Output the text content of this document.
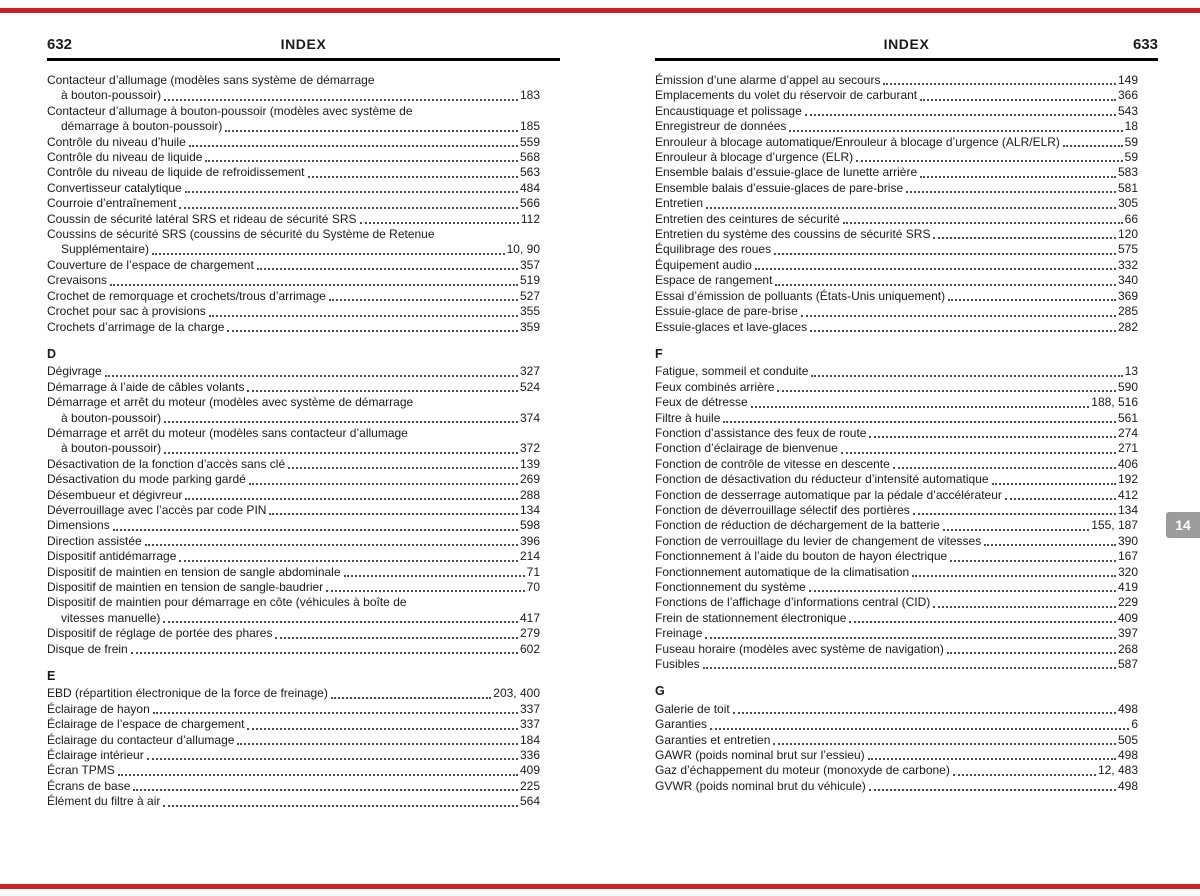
632	INDEX
Contacteur d’allumage (modèles sans système de démarrage
à bouton-poussoir)	183
Contacteur d’allumage à bouton-poussoir (modèles avec système de
démarrage à bouton-poussoir)	185
Contrôle du niveau d’huile	559
Contrôle du niveau de liquide	568
Contrôle du niveau de liquide de refroidissement	563
Convertisseur catalytique	484
Courroie d’entraînement	566
Coussin de sécurité latéral SRS et rideau de sécurité SRS	112
Coussins de sécurité SRS (coussins de sécurité du Système de Retenue
Supplémentaire)	10, 90
Couverture de l’espace de chargement	357
Crevaisons	519
Crochet de remorquage et crochets/trous d’arrimage	527
Crochet pour sac à provisions	355
Crochets d’arrimage de la charge	359
D
Dégivrage	327
Démarrage à l’aide de câbles volants	524
Démarrage et arrêt du moteur (modèles avec système de démarrage
à bouton-poussoir)	374
Démarrage et arrêt du moteur (modèles sans contacteur d’allumage
à bouton-poussoir)	372
Désactivation de la fonction d’accès sans clé	139
Désactivation du mode parking gardé	269
Désembueur et dégivreur	288
Déverrouillage avec l’accès par code PIN	134
Dimensions	598
Direction assistée	396
Dispositif antidémarrage	214
Dispositif de maintien en tension de sangle abdominale	71
Dispositif de maintien en tension de sangle-baudrier	70
Dispositif de maintien pour démarrage en côte (véhicules à boîte de
vitesses manuelle)	417
Dispositif de réglage de portée des phares	279
Disque de frein	602
E
EBD (répartition électronique de la force de freinage)	203, 400
Éclairage de hayon	337
Éclairage de l’espace de chargement	337
Éclairage du contacteur d’allumage	184
Éclairage intérieur	336
Écran TPMS	409
Écrans de base	225
Élément du filtre à air	564
633
INDEX
Émission d’une alarme d’appel au secours	149
Emplacements du volet du réservoir de carburant	366
Encaustiquage et polissage	543
Enregistreur de données	18
Enrouleur à blocage automatique/Enrouleur à blocage d’urgence (ALR/ELR)	59
Enrouleur à blocage d’urgence (ELR)	59
Ensemble balais d’essuie-glace de lunette arrière	583
Ensemble balais d’essuie-glaces de pare-brise	581
Entretien	305
Entretien des ceintures de sécurité	66
Entretien du système des coussins de sécurité SRS	120
Équilibrage des roues	575
Équipement audio	332
Espace de rangement	340
Essai d’émission de polluants (États-Unis uniquement)	369
Essuie-glace de pare-brise	285
Essuie-glaces et lave-glaces	282
F
Fatigue, sommeil et conduite	13
Feux combinés arrière	590
Feux de détresse	188, 516
Filtre à huile	561
Fonction d’assistance des feux de route	274
Fonction d’éclairage de bienvenue	271
Fonction de contrôle de vitesse en descente	406
Fonction de désactivation du réducteur d’intensité automatique	192
Fonction de desserrage automatique par la pédale d’accélérateur	412
Fonction de déverrouillage sélectif des portières	134
Fonction de réduction de déchargement de la batterie	155, 187
Fonction de verrouillage du levier de changement de vitesses	390
Fonctionnement à l’aide du bouton de hayon électrique	167
Fonctionnement automatique de la climatisation	320
Fonctionnement du système	419
Fonctions de l’affichage d’informations central (CID)	229
Frein de stationnement électronique	409
Freinage	397
Fuseau horaire (modèles avec système de navigation)	268
Fusibles	587
G
Galerie de toit	498
Garanties	6
Garanties et entretien	505
GAWR (poids nominal brut sur l’essieu)	498
Gaz d’échappement du moteur (monoxyde de carbone)	12, 483
GVWR (poids nominal brut du véhicule)	498
14
